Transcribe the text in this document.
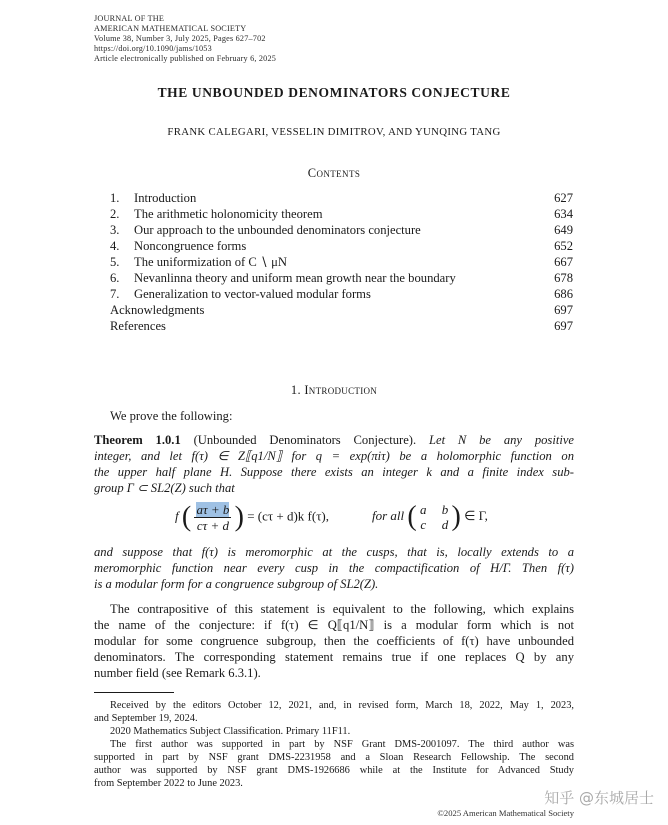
JOURNAL OF THE
AMERICAN MATHEMATICAL SOCIETY
Volume 38, Number 3, July 2025, Pages 627–702
https://doi.org/10.1090/jams/1053
Article electronically published on February 6, 2025
THE UNBOUNDED DENOMINATORS CONJECTURE
FRANK CALEGARI, VESSELIN DIMITROV, AND YUNQING TANG
Contents
1. Introduction	627
2. The arithmetic holonomicity theorem	634
3. Our approach to the unbounded denominators conjecture	649
4. Noncongruence forms	652
5. The uniformization of C ∖ μN	667
6. Nevanlinna theory and uniform mean growth near the boundary	678
7. Generalization to vector-valued modular forms	686
Acknowledgments	697
References	697
1. Introduction
We prove the following:
Theorem 1.0.1 (Unbounded Denominators Conjecture). Let N be any positive
integer, and let f(τ) ∈ Z⟦q1/N⟧ for q = exp(πiτ) be a holomorphic function on
the upper half plane H. Suppose there exists an integer k and a finite index sub-
group Γ ⊂ SL2(Z) such that
f ( $\frac{a\tau + b}{c\tau + d}$ ) = (cτ + d)k f(τ),	for all ( a
c

b
d ) ∈ Γ,
and suppose that f(τ) is meromorphic at the cusps, that is, locally extends to a
meromorphic function near every cusp in the compactification of H/Γ. Then f(τ)
is a modular form for a congruence subgroup of SL2(Z).
The contrapositive of this statement is equivalent to the following, which explains
the name of the conjecture: if f(τ) ∈ Q⟦q1/N⟧ is a modular form which is not
modular for some congruence subgroup, then the coefficients of f(τ) have unbounded
denominators. The corresponding statement remains true if one replaces Q by any
number field (see Remark 6.3.1).
Received by the editors October 12, 2021, and, in revised form, March 18, 2022, May 1, 2023,
and September 19, 2024.
2020 Mathematics Subject Classification. Primary 11F11.
The first author was supported in part by NSF Grant DMS-2001097. The third author was
supported in part by NSF grant DMS-2231958 and a Sloan Research Fellowship. The second
author was supported by NSF grant DMS-1926686 while at the Institute for Advanced Study
from September 2022 to June 2023.
©2025 American Mathematical Society
知乎 @东城居士
